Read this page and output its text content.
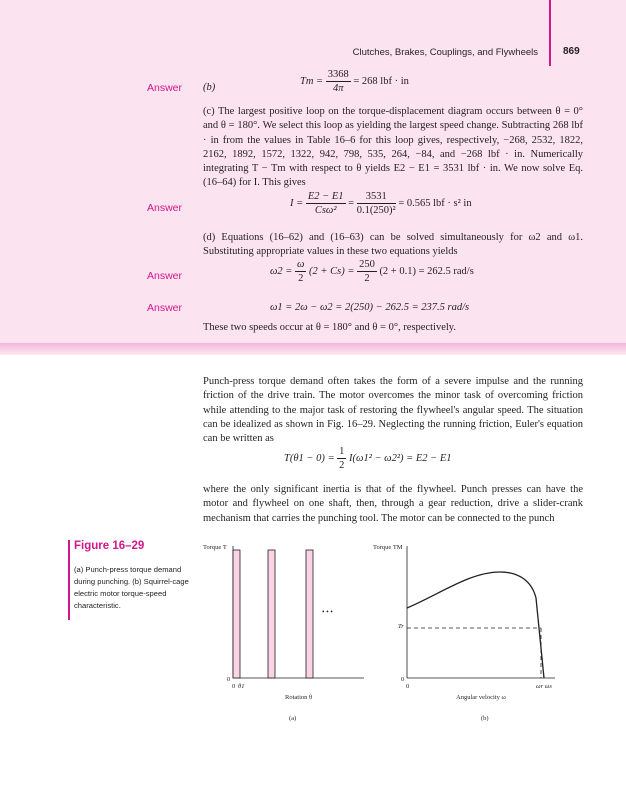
Clutches, Brakes, Couplings, and Flywheels	869
Answer (b)
$Tm = \frac{3368}{4\pi} = 268$ lbf · in
(c) The largest positive loop on the torque-displacement diagram occurs between θ = 0° and θ = 180°. We select this loop as yielding the largest speed change. Subtracting 268 lbf · in from the values in Table 16–6 for this loop gives, respectively, −268, 2532, 1822, 2162, 1892, 1572, 1322, 942, 798, 535, 264, −84, and −268 lbf · in. Numerically integrating T − Tm with respect to θ yields E2 − E1 = 3531 lbf · in. We now solve Eq. (16–64) for I. This gives
Answer	$I = \frac{E2 - E1}{\text{Csω²}} = \frac{3531}{\text{0.1(250)²}} = 0.565$ lbf · s² in
(d) Equations (16–62) and (16–63) can be solved simultaneously for ω2 and ω1. Substituting appropriate values in these two equations yields
Answer	$\omega 2 = \frac{\omega}{2} (2 + Cs) = \frac{250}{2} (2 + 0.1) = 262.5$ rad/s
Answer	ω1 = 2ω − ω2 = 2(250) − 262.5 = 237.5 rad/s
These two speeds occur at θ = 180° and θ = 0°, respectively.
Punch-press torque demand often takes the form of a severe impulse and the running friction of the drive train. The motor overcomes the minor task of overcoming friction while attending to the major task of restoring the flywheel's angular speed. The situation can be idealized as shown in Fig. 16–29. Neglecting the running friction, Euler's equation can be written as
$T(\theta 1 - 0) = \frac{1}{2} I(\omega 1^2 - \omega 2^2) = E2 - E1$
where the only significant inertia is that of the flywheel. Punch presses can have the motor and flywheel on one shaft, then, through a gear reduction, drive a slider-crank mechanism that carries the punching tool. The motor can be connected to the punch
Figure 16–29
(a) Punch-press torque demand during punching. (b) Squirrel-cage electric motor torque-speed characteristic.
Torque T
• • •
0
0 θ1
Rotation θ
(a)
Torque TM
Tr
0
0	ωr ωs
Angular velocity ω
(b)
